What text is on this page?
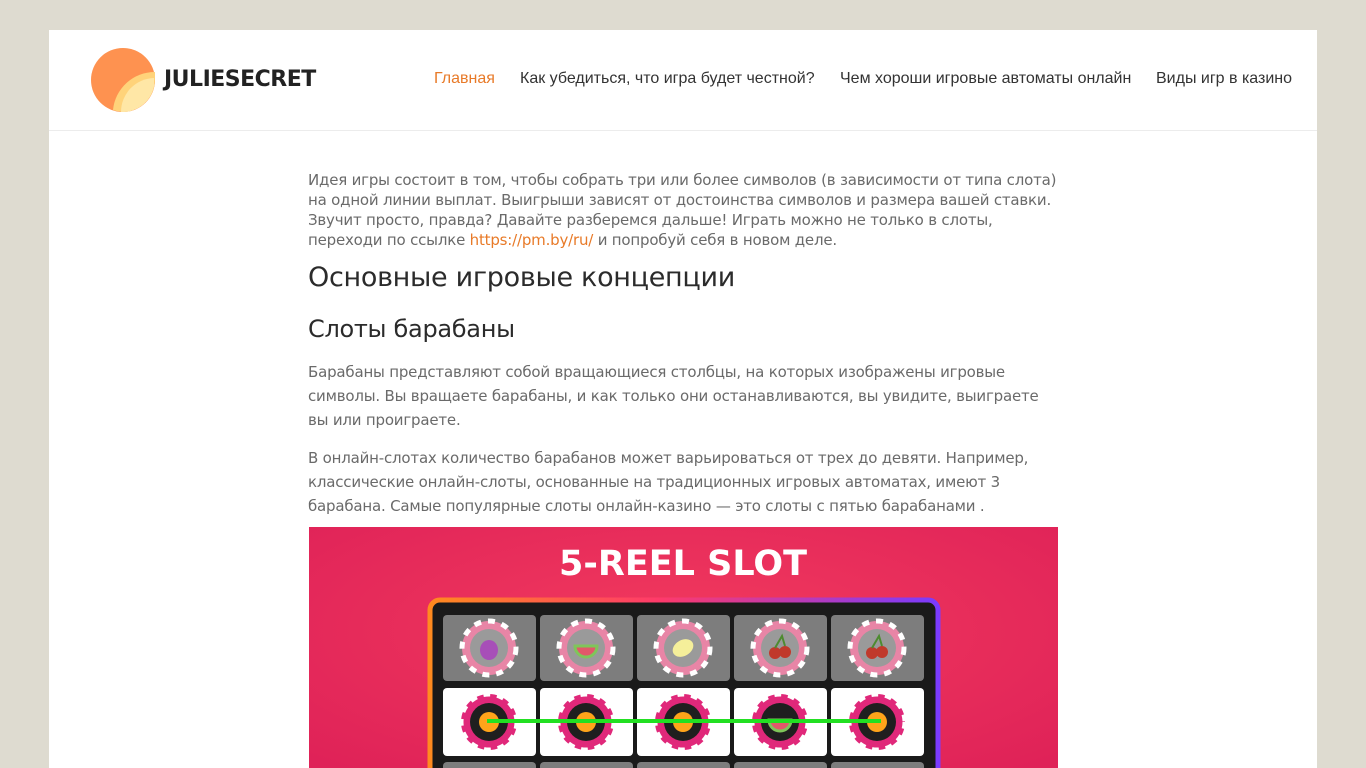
JULIESECRET	Главная Как убедиться, что игра будет честной? Чем хороши игровые автоматы онлайн Виды игр в казино

Идея игры состоит в том, чтобы собрать три или более символов (в зависимости от типа слота) на одной линии выплат. Выигрыши зависят от достоинства символов и размера вашей ставки. Звучит просто, правда? Давайте разберемся дальше! Играть можно не только в слоты, переходи по ссылке https://pm.by/ru/ и попробуй себя в новом деле.

Основные игровые концепции
Слоты барабаны

Барабаны представляют собой вращающиеся столбцы, на которых изображены игровые символы. Вы вращаете барабаны, и как только они останавливаются, вы увидите, выиграете вы или проиграете.

В онлайн-слотах количество барабанов может варьироваться от трех до девяти. Например, классические онлайн-слоты, основанные на традиционных игровых автоматах, имеют 3 барабана. Самые популярные слоты онлайн-казино — это слоты с пятью барабанами .

5-REEL SLOT
